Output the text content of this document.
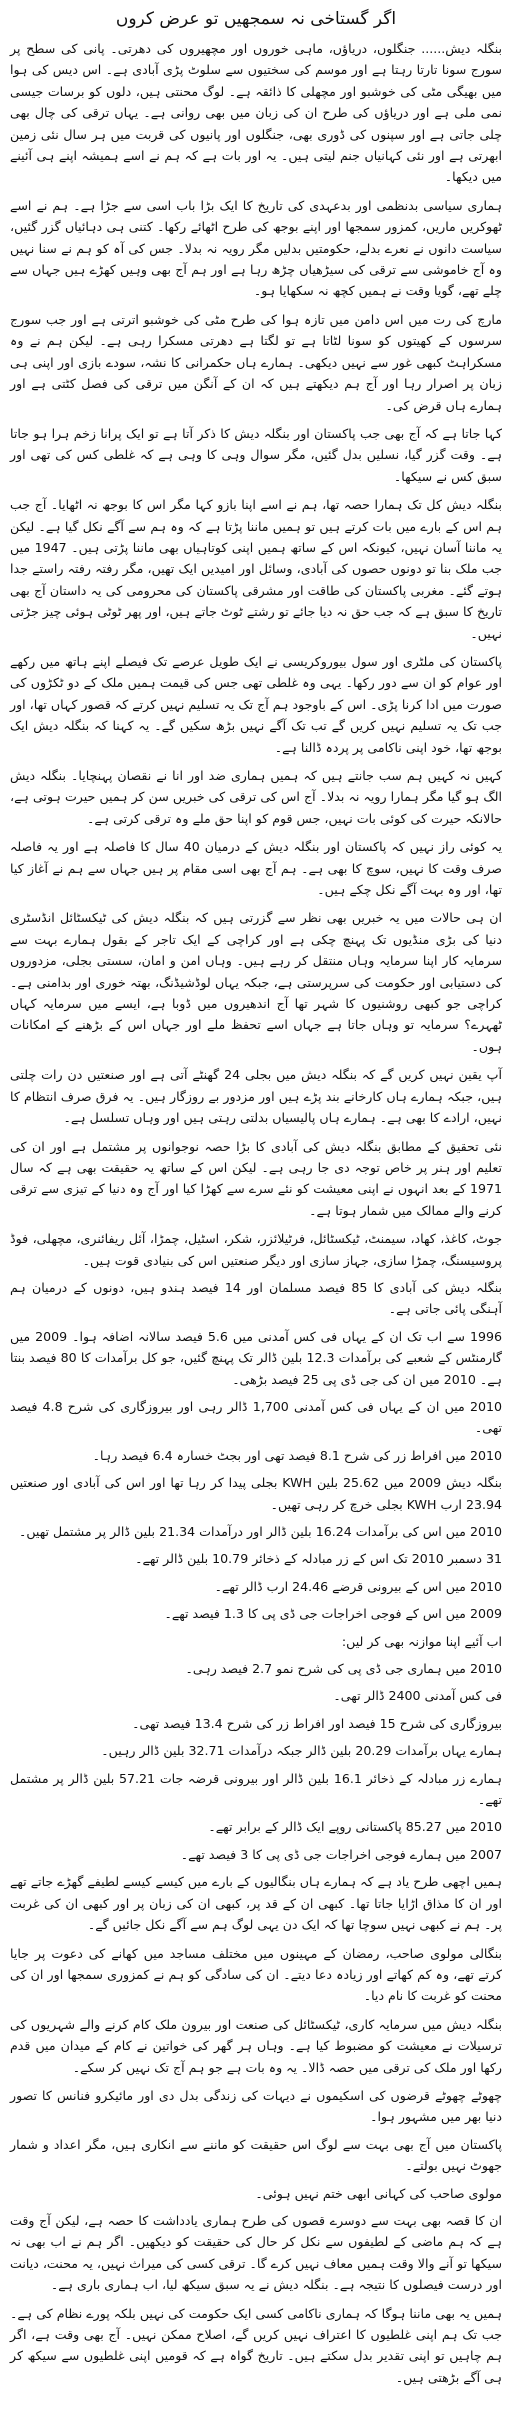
اگر گستاخی نہ سمجھیں تو عرض کروں

بنگلہ دیش...... جنگلوں، دریاؤں، ماہی خوروں اور مچھیروں کی دھرتی۔ پانی کی سطح پر سورج سونا تارتا رہتا ہے اور موسم کی سختیوں سے سلوٹ پڑی آبادی ہے۔ اس دیس کی ہوا میں بھیگی مٹی کی خوشبو اور مچھلی کا ذائقہ ہے۔ لوگ محنتی ہیں، دلوں کو برسات جیسی نمی ملی ہے اور دریاؤں کی طرح ان کی زبان میں بھی روانی ہے۔ یہاں ترقی کی چال بھی چلی جاتی ہے اور سپنوں کی ڈوری بھی، جنگلوں اور پانیوں کی قربت میں ہر سال نئی زمین ابھرتی ہے اور نئی کہانیاں جنم لیتی ہیں۔ یہ اور بات ہے کہ ہم نے اسے ہمیشہ اپنے ہی آئینے میں دیکھا۔

ہماری سیاسی بدنظمی اور بدعہدی کی تاریخ کا ایک بڑا باب اسی سے جڑا ہے۔ ہم نے اسے ٹھوکریں ماریں، کمزور سمجھا اور اپنے بوجھ کی طرح اٹھائے رکھا۔ کتنی ہی دہائیاں گزر گئیں، سیاست دانوں نے نعرے بدلے، حکومتیں بدلیں مگر رویہ نہ بدلا۔ جس کی آہ کو ہم نے سنا نہیں وہ آج خاموشی سے ترقی کی سیڑھیاں چڑھ رہا ہے اور ہم آج بھی وہیں کھڑے ہیں جہاں سے چلے تھے، گویا وقت نے ہمیں کچھ نہ سکھایا ہو۔

مارچ کی رت میں اس دامن میں تازہ ہوا کی طرح مٹی کی خوشبو اترتی ہے اور جب سورج سرسوں کے کھیتوں کو سونا لٹاتا ہے تو لگتا ہے دھرتی مسکرا رہی ہے۔ لیکن ہم نے وہ مسکراہٹ کبھی غور سے نہیں دیکھی۔ ہمارے ہاں حکمرانی کا نشہ، سودے بازی اور اپنی ہی زبان پر اصرار رہا اور آج ہم دیکھتے ہیں کہ ان کے آنگن میں ترقی کی فصل کٹتی ہے اور ہمارے ہاں قرض کی۔

کہا جاتا ہے کہ آج بھی جب پاکستان اور بنگلہ دیش کا ذکر آتا ہے تو ایک پرانا زخم ہرا ہو جاتا ہے۔ وقت گزر گیا، نسلیں بدل گئیں، مگر سوال وہی کا وہی ہے کہ غلطی کس کی تھی اور سبق کس نے سیکھا۔

بنگلہ دیش کل تک ہمارا حصہ تھا، ہم نے اسے اپنا بازو کہا مگر اس کا بوجھ نہ اٹھایا۔ آج جب ہم اس کے بارے میں بات کرتے ہیں تو ہمیں ماننا پڑتا ہے کہ وہ ہم سے آگے نکل گیا ہے۔ لیکن یہ ماننا آسان نہیں، کیونکہ اس کے ساتھ ہمیں اپنی کوتاہیاں بھی ماننا پڑتی ہیں۔ 1947 میں جب ملک بنا تو دونوں حصوں کی آبادی، وسائل اور امیدیں ایک تھیں، مگر رفتہ رفتہ راستے جدا ہوتے گئے۔ مغربی پاکستان کی طاقت اور مشرقی پاکستان کی محرومی کی یہ داستان آج بھی تاریخ کا سبق ہے کہ جب حق نہ دیا جائے تو رشتے ٹوٹ جاتے ہیں، اور پھر ٹوٹی ہوئی چیز جڑتی نہیں۔

پاکستان کی ملٹری اور سول بیوروکریسی نے ایک طویل عرصے تک فیصلے اپنے ہاتھ میں رکھے اور عوام کو ان سے دور رکھا۔ یہی وہ غلطی تھی جس کی قیمت ہمیں ملک کے دو ٹکڑوں کی صورت میں ادا کرنا پڑی۔ اس کے باوجود ہم آج تک یہ تسلیم نہیں کرتے کہ قصور کہاں تھا، اور جب تک یہ تسلیم نہیں کریں گے تب تک آگے نہیں بڑھ سکیں گے۔ یہ کہنا کہ بنگلہ دیش ایک بوجھ تھا، خود اپنی ناکامی پر پردہ ڈالنا ہے۔

کہیں نہ کہیں ہم سب جانتے ہیں کہ ہمیں ہماری ضد اور انا نے نقصان پہنچایا۔ بنگلہ دیش الگ ہو گیا مگر ہمارا رویہ نہ بدلا۔ آج اس کی ترقی کی خبریں سن کر ہمیں حیرت ہوتی ہے، حالانکہ حیرت کی کوئی بات نہیں، جس قوم کو اپنا حق ملے وہ ترقی کرتی ہے۔

یہ کوئی راز نہیں کہ پاکستان اور بنگلہ دیش کے درمیان 40 سال کا فاصلہ ہے اور یہ فاصلہ صرف وقت کا نہیں، سوچ کا بھی ہے۔ ہم آج بھی اسی مقام پر ہیں جہاں سے ہم نے آغاز کیا تھا، اور وہ بہت آگے نکل چکے ہیں۔

ان ہی حالات میں یہ خبریں بھی نظر سے گزرتی ہیں کہ بنگلہ دیش کی ٹیکسٹائل انڈسٹری دنیا کی بڑی منڈیوں تک پہنچ چکی ہے اور کراچی کے ایک تاجر کے بقول ہمارے بہت سے سرمایہ کار اپنا سرمایہ وہاں منتقل کر رہے ہیں۔ وہاں امن و امان، سستی بجلی، مزدوروں کی دستیابی اور حکومت کی سرپرستی ہے، جبکہ یہاں لوڈشیڈنگ، بھتہ خوری اور بدامنی ہے۔ کراچی جو کبھی روشنیوں کا شہر تھا آج اندھیروں میں ڈوبا ہے، ایسے میں سرمایہ کہاں ٹھہرے؟ سرمایہ تو وہاں جاتا ہے جہاں اسے تحفظ ملے اور جہاں اس کے بڑھنے کے امکانات ہوں۔

آپ یقین نہیں کریں گے کہ بنگلہ دیش میں بجلی 24 گھنٹے آتی ہے اور صنعتیں دن رات چلتی ہیں، جبکہ ہمارے ہاں کارخانے بند پڑے ہیں اور مزدور بے روزگار ہیں۔ یہ فرق صرف انتظام کا نہیں، ارادے کا بھی ہے۔ ہمارے ہاں پالیسیاں بدلتی رہتی ہیں اور وہاں تسلسل ہے۔

نئی تحقیق کے مطابق بنگلہ دیش کی آبادی کا بڑا حصہ نوجوانوں پر مشتمل ہے اور ان کی تعلیم اور ہنر پر خاص توجہ دی جا رہی ہے۔ لیکن اس کے ساتھ یہ حقیقت بھی ہے کہ سال 1971 کے بعد انہوں نے اپنی معیشت کو نئے سرے سے کھڑا کیا اور آج وہ دنیا کے تیزی سے ترقی کرنے والے ممالک میں شمار ہوتا ہے۔

جوٹ، کاغذ، کھاد، سیمنٹ، ٹیکسٹائل، فرٹیلائزر، شکر، اسٹیل، چمڑا، آئل ریفائنری، مچھلی، فوڈ پروسیسنگ، چمڑا سازی، جہاز سازی اور دیگر صنعتیں اس کی بنیادی قوت ہیں۔

بنگلہ دیش کی آبادی کا 85 فیصد مسلمان اور 14 فیصد ہندو ہیں، دونوں کے درمیان ہم آہنگی پائی جاتی ہے۔

1996 سے اب تک ان کے یہاں فی کس آمدنی میں 5.6 فیصد سالانہ اضافہ ہوا۔ 2009 میں گارمنٹس کے شعبے کی برآمدات 12.3 بلین ڈالر تک پہنچ گئیں، جو کل برآمدات کا 80 فیصد بنتا ہے۔ 2010 میں ان کی جی ڈی پی 25 فیصد بڑھی۔

2010 میں ان کے یہاں فی کس آمدنی 1,700 ڈالر رہی اور بیروزگاری کی شرح 4.8 فیصد تھی۔

2010 میں افراط زر کی شرح 8.1 فیصد تھی اور بجٹ خسارہ 6.4 فیصد رہا۔

بنگلہ دیش 2009 میں 25.62 بلین KWH بجلی پیدا کر رہا تھا اور اس کی آبادی اور صنعتیں 23.94 ارب KWH بجلی خرچ کر رہی تھیں۔

2010 میں اس کی برآمدات 16.24 بلین ڈالر اور درآمدات 21.34 بلین ڈالر پر مشتمل تھیں۔

31 دسمبر 2010 تک اس کے زر مبادلہ کے ذخائر 10.79 بلین ڈالر تھے۔

2010 میں اس کے بیرونی قرضے 24.46 ارب ڈالر تھے۔

2009 میں اس کے فوجی اخراجات جی ڈی پی کا 1.3 فیصد تھے۔

اب آئیے اپنا موازنہ بھی کر لیں:

2010 میں ہماری جی ڈی پی کی شرح نمو 2.7 فیصد رہی۔

فی کس آمدنی 2400 ڈالر تھی۔

بیروزگاری کی شرح 15 فیصد اور افراط زر کی شرح 13.4 فیصد تھی۔

ہمارے یہاں برآمدات 20.29 بلین ڈالر جبکہ درآمدات 32.71 بلین ڈالر رہیں۔

ہمارے زر مبادلہ کے ذخائر 16.1 بلین ڈالر اور بیرونی قرضہ جات 57.21 بلین ڈالر پر مشتمل تھے۔

2010 میں 85.27 پاکستانی روپے ایک ڈالر کے برابر تھے۔

2007 میں ہمارے فوجی اخراجات جی ڈی پی کا 3 فیصد تھے۔

ہمیں اچھی طرح یاد ہے کہ ہمارے ہاں بنگالیوں کے بارے میں کیسے کیسے لطیفے گھڑے جاتے تھے اور ان کا مذاق اڑایا جاتا تھا۔ کبھی ان کے قد پر، کبھی ان کی زبان پر اور کبھی ان کی غربت پر۔ ہم نے کبھی نہیں سوچا تھا کہ ایک دن یہی لوگ ہم سے آگے نکل جائیں گے۔

بنگالی مولوی صاحب، رمضان کے مہینوں میں مختلف مساجد میں کھانے کی دعوت پر جایا کرتے تھے، وہ کم کھاتے اور زیادہ دعا دیتے۔ ان کی سادگی کو ہم نے کمزوری سمجھا اور ان کی محنت کو غربت کا نام دیا۔

بنگلہ دیش میں سرمایہ کاری، ٹیکسٹائل کی صنعت اور بیرون ملک کام کرنے والے شہریوں کی ترسیلات نے معیشت کو مضبوط کیا ہے۔ وہاں ہر گھر کی خواتین نے کام کے میدان میں قدم رکھا اور ملک کی ترقی میں حصہ ڈالا۔ یہ وہ بات ہے جو ہم آج تک نہیں کر سکے۔

چھوٹے چھوٹے قرضوں کی اسکیموں نے دیہات کی زندگی بدل دی اور مائیکرو فنانس کا تصور دنیا بھر میں مشہور ہوا۔

پاکستان میں آج بھی بہت سے لوگ اس حقیقت کو ماننے سے انکاری ہیں، مگر اعداد و شمار جھوٹ نہیں بولتے۔

مولوی صاحب کی کہانی ابھی ختم نہیں ہوئی۔

ان کا قصہ بھی بہت سے دوسرے قصوں کی طرح ہماری یادداشت کا حصہ ہے، لیکن آج وقت ہے کہ ہم ماضی کے لطیفوں سے نکل کر حال کی حقیقت کو دیکھیں۔ اگر ہم نے اب بھی نہ سیکھا تو آنے والا وقت ہمیں معاف نہیں کرے گا۔ ترقی کسی کی میراث نہیں، یہ محنت، دیانت اور درست فیصلوں کا نتیجہ ہے۔ بنگلہ دیش نے یہ سبق سیکھ لیا، اب ہماری باری ہے۔

ہمیں یہ بھی ماننا ہوگا کہ ہماری ناکامی کسی ایک حکومت کی نہیں بلکہ پورے نظام کی ہے۔ جب تک ہم اپنی غلطیوں کا اعتراف نہیں کریں گے، اصلاح ممکن نہیں۔ آج بھی وقت ہے، اگر ہم چاہیں تو اپنی تقدیر بدل سکتے ہیں۔ تاریخ گواہ ہے کہ قومیں اپنی غلطیوں سے سیکھ کر ہی آگے بڑھتی ہیں۔
